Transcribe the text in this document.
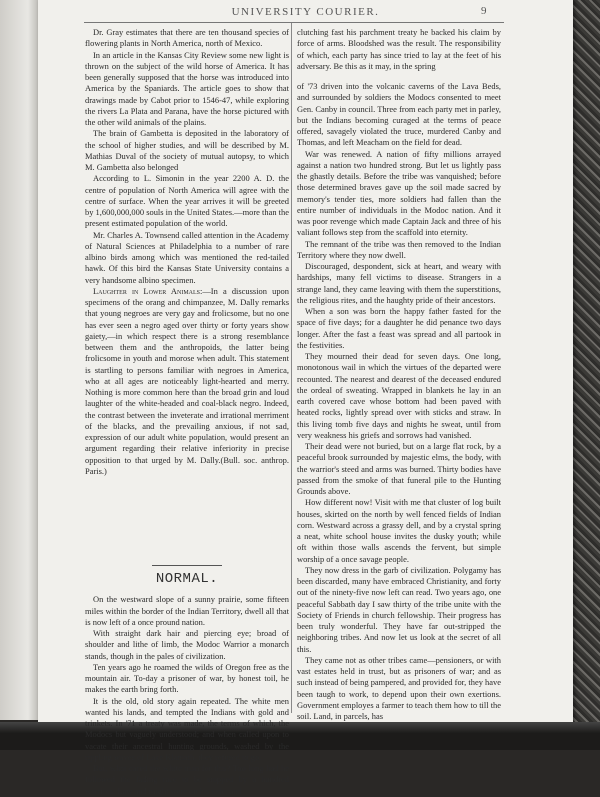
UNIVERSITY COURIER.	9

Dr. Gray estimates that there are ten thousand species of flowering plants in North America, north of Mexico.

In an article in the Kansas City Review some new light is thrown on the subject of the wild horse of America. It has been generally supposed that the horse was introduced into America by the Spaniards. The article goes to show that drawings made by Cabot prior to 1546-47, while exploring the rivers La Plata and Parana, have the horse pictured with the other wild animals of the plains.

The brain of Gambetta is deposited in the laboratory of the school of higher studies, and will be described by M. Mathias Duval of the society of mutual autopsy, to which M. Gambetta also belonged

According to L. Simonin in the year 2200 A. D. the centre of population of North America will agree with the centre of surface. When the year arrives it will be greeted by 1,600,000,000 souls in the United States.—more than the present estimated population of the world.

Mr. Charles A. Townsend called attention in the Academy of Natural Sciences at Philadelphia to a number of rare albino birds among which was mentioned the red-tailed hawk. Of this bird the Kansas State University contains a very handsome albino specimen.

Laughter in Lower Animals:—In a discussion upon specimens of the orang and chimpanzee, M. Dally remarks that young negroes are very gay and frolicsome, but no one has ever seen a negro aged over thirty or forty years show gaiety,—in which respect there is a strong resemblance between them and the anthropoids, the latter being frolicsome in youth and morose when adult. This statement is startling to persons familiar with negroes in America, who at all ages are noticeably light-hearted and merry. Nothing is more common here than the broad grin and loud laughter of the white-headed and coal-black negro. Indeed, the contrast between the inveterate and irrational merriment of the blacks, and the prevailing anxious, if not sad, expression of our adult white population, would present an argument regarding their relative inferiority in precise opposition to that urged by M. Dally.(Bull. soc. anthrop. Paris.)

NORMAL.

On the westward slope of a sunny prairie, some fifteen miles within the border of the Indian Territory, dwell all that is now left of a once pround nation.

With straight dark hair and piercing eye; broad of shoulder and lithe of limb, the Modoc Warrior a monarch stands, though in the pales of civilization.

Ten years ago he roamed the wilds of Oregon free as the mountain air. To-day a prisoner of war, by honest toil, he makes the earth bring forth.

It is the old, old story again repeated. The white men wanted his lands, and tempted the Indians with gold and trinkets. In '71 a treaty was made, the terms of which, the Modocs but vaguely understood; and when called upon to vacate their ancestral hunting grounds, washed by the rippling waves of Lake Klamath, they refused to go.

But, what cared the white man for this? Too long had he followed the fading race to be stopped by a hundred warriors. Law and might were on his side, and

clutching fast his parchment treaty he backed his claim by force of arms. Bloodshed was the result. The responsibility of which, each party has since tried to lay at the feet of his adversary. Be this as it may, in the spring

of '73 driven into the volcanic caverns of the Lava Beds, and surrounded by soldiers the Modocs consented to meet Gen. Canby in council. Three from each party met in parley, but the Indians becoming curaged at the terms of peace offered, savagely violated the truce, murdered Canby and Thomas, and left Meacham on the field for dead.

War was renewed. A nation of fifty millions arrayed against a nation two hundred strong. But let us lightly pass the ghastly details. Before the tribe was vanquished; before those determined braves gave up the soil made sacred by memory's tender ties, more soldiers had fallen than the entire number of individuals in the Modoc nation. And it was poor revenge which made Captain Jack and three of his valiant follows step from the scaffold into eternity.

The remnant of the tribe was then removed to the Indian Territory where they now dwell.

Discouraged, despondent, sick at heart, and weary with hardships, many fell victims to disease. Strangers in a strange land, they came leaving with them the superstitions, the religious rites, and the haughty pride of their ancestors.

When a son was born the happy father fasted for the space of five days; for a daughter he did penance two days longer. After the fast a feast was spread and all partook in the festivities.

They mourned their dead for seven days. One long, monotonous wail in which the virtues of the departed were recounted. The nearest and dearest of the deceased endured the ordeal of sweating. Wrapped in blankets he lay in an earth covered cave whose bottom had been paved with heated rocks, lightly spread over with sticks and straw. In this living tomb five days and nights he sweat, until from very weakness his griefs and sorrows had vanished.

Their dead were not buried, but on a large flat rock, by a peaceful brook surrounded by majestic elms, the body, with the warrior's steed and arms was burned. Thirty bodies have passed from the smoke of that funeral pile to the Hunting Grounds above.

How different now! Visit with me that cluster of log built houses, skirted on the north by well fenced fields of Indian corn. Westward across a grassy dell, and by a crystal spring a neat, white school house invites the dusky youth; while oft within those walls ascends the fervent, but simple worship of a once savage people.

They now dress in the garb of civilization. Polygamy has been discarded, many have embraced Christianity, and forty out of the ninety-five now left can read. Two years ago, one peaceful Sabbath day I saw thirty of the tribe unite with the Society of Friends in church fellowship. Their progress has been truly wonderful. They have far out-stripped the neighboring tribes. And now let us look at the secret of all this.

They came not as other tribes came—pensioners, or with vast estates held in trust, but as prisoners of war; and as such instead of being pampered, and provided for, they have been taugh to work, to depend upon their own exertions. Government employes a farmer to teach them how to till the soil. Land, in parcels, has
